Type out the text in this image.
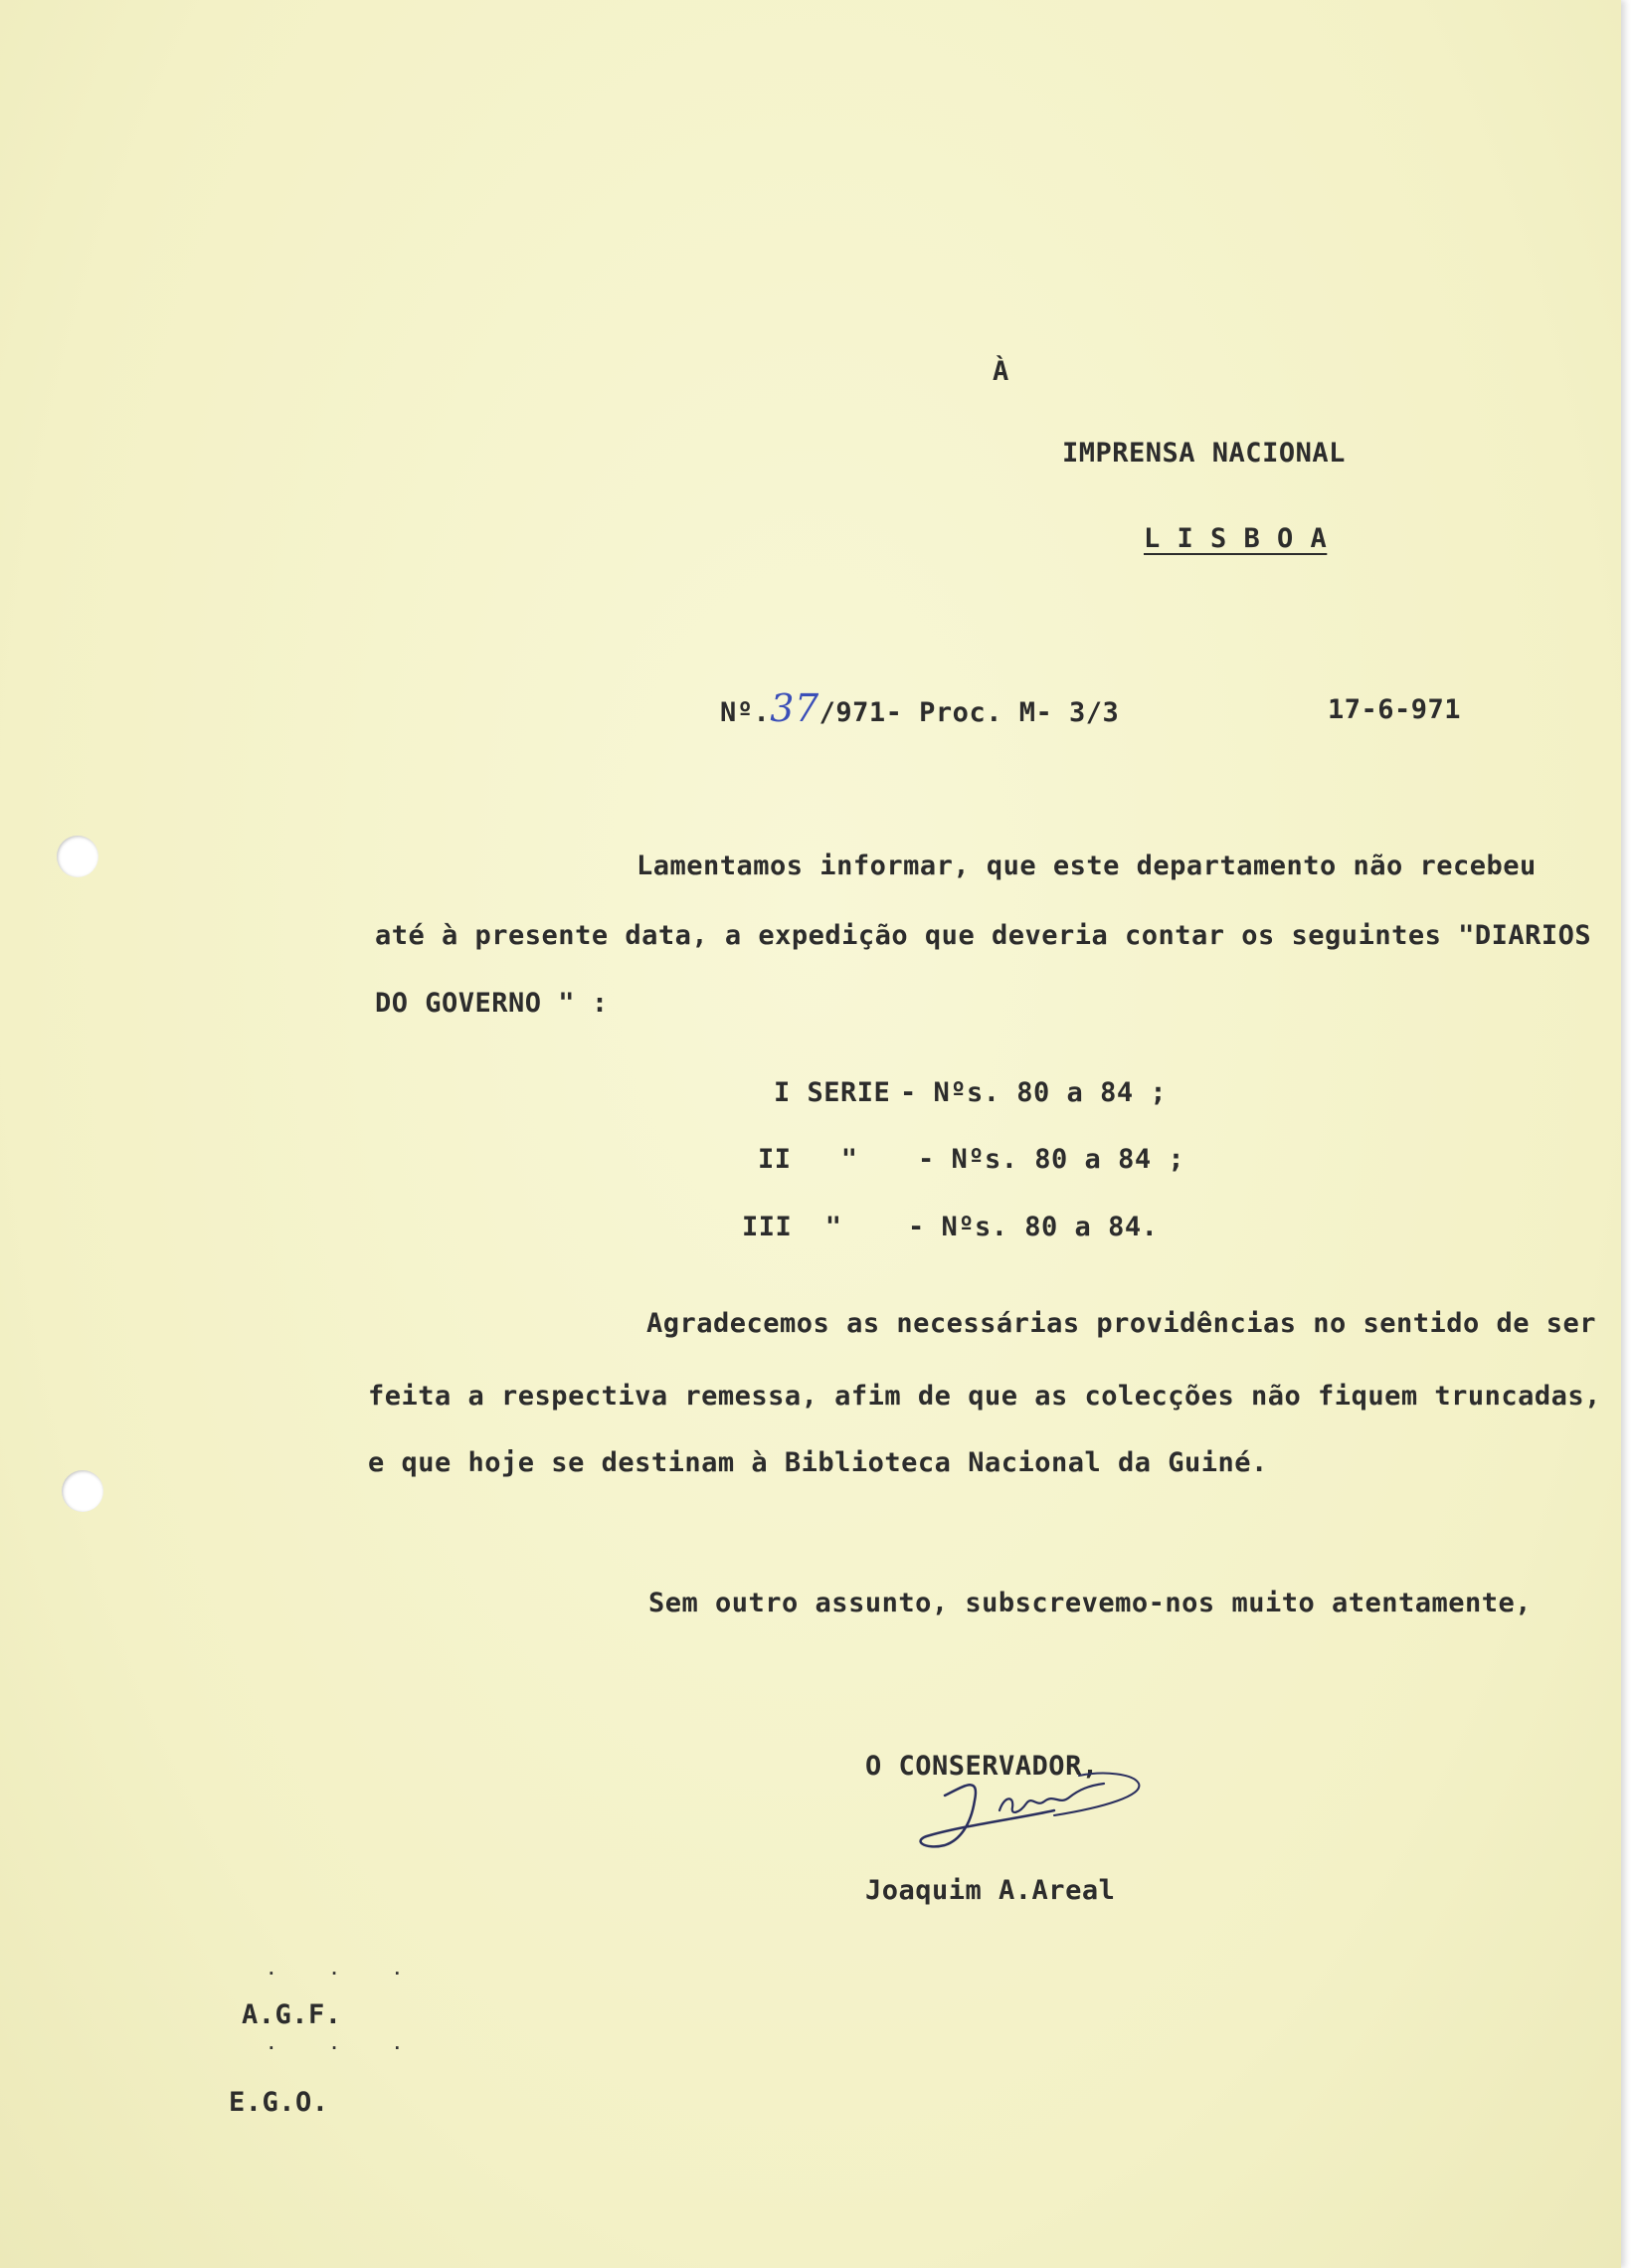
À

IMPRENSA NACIONAL

L I S B O A

Nº.37/971- Proc. M- 3/3	17-6-971

Lamentamos informar, que este departamento não recebeu

até à presente data, a expedição que deveria contar os seguintes "DIARIOS

DO GOVERNO " :

I SERIE - Nºs. 80 a 84 ;

II   " - Nºs. 80 a 84 ;

III  " - Nºs. 80 a 84.

Agradecemos as necessárias providências no sentido de ser

feita a respectiva remessa, afim de que as colecções não fiquem truncadas,

e que hoje se destinam à Biblioteca Nacional da Guiné.

Sem outro assunto, subscrevemo-nos muito atentamente,

O CONSERVADOR,

Joaquim A.Areal

. . .

A.G.F.

. . .

E.G.O.
